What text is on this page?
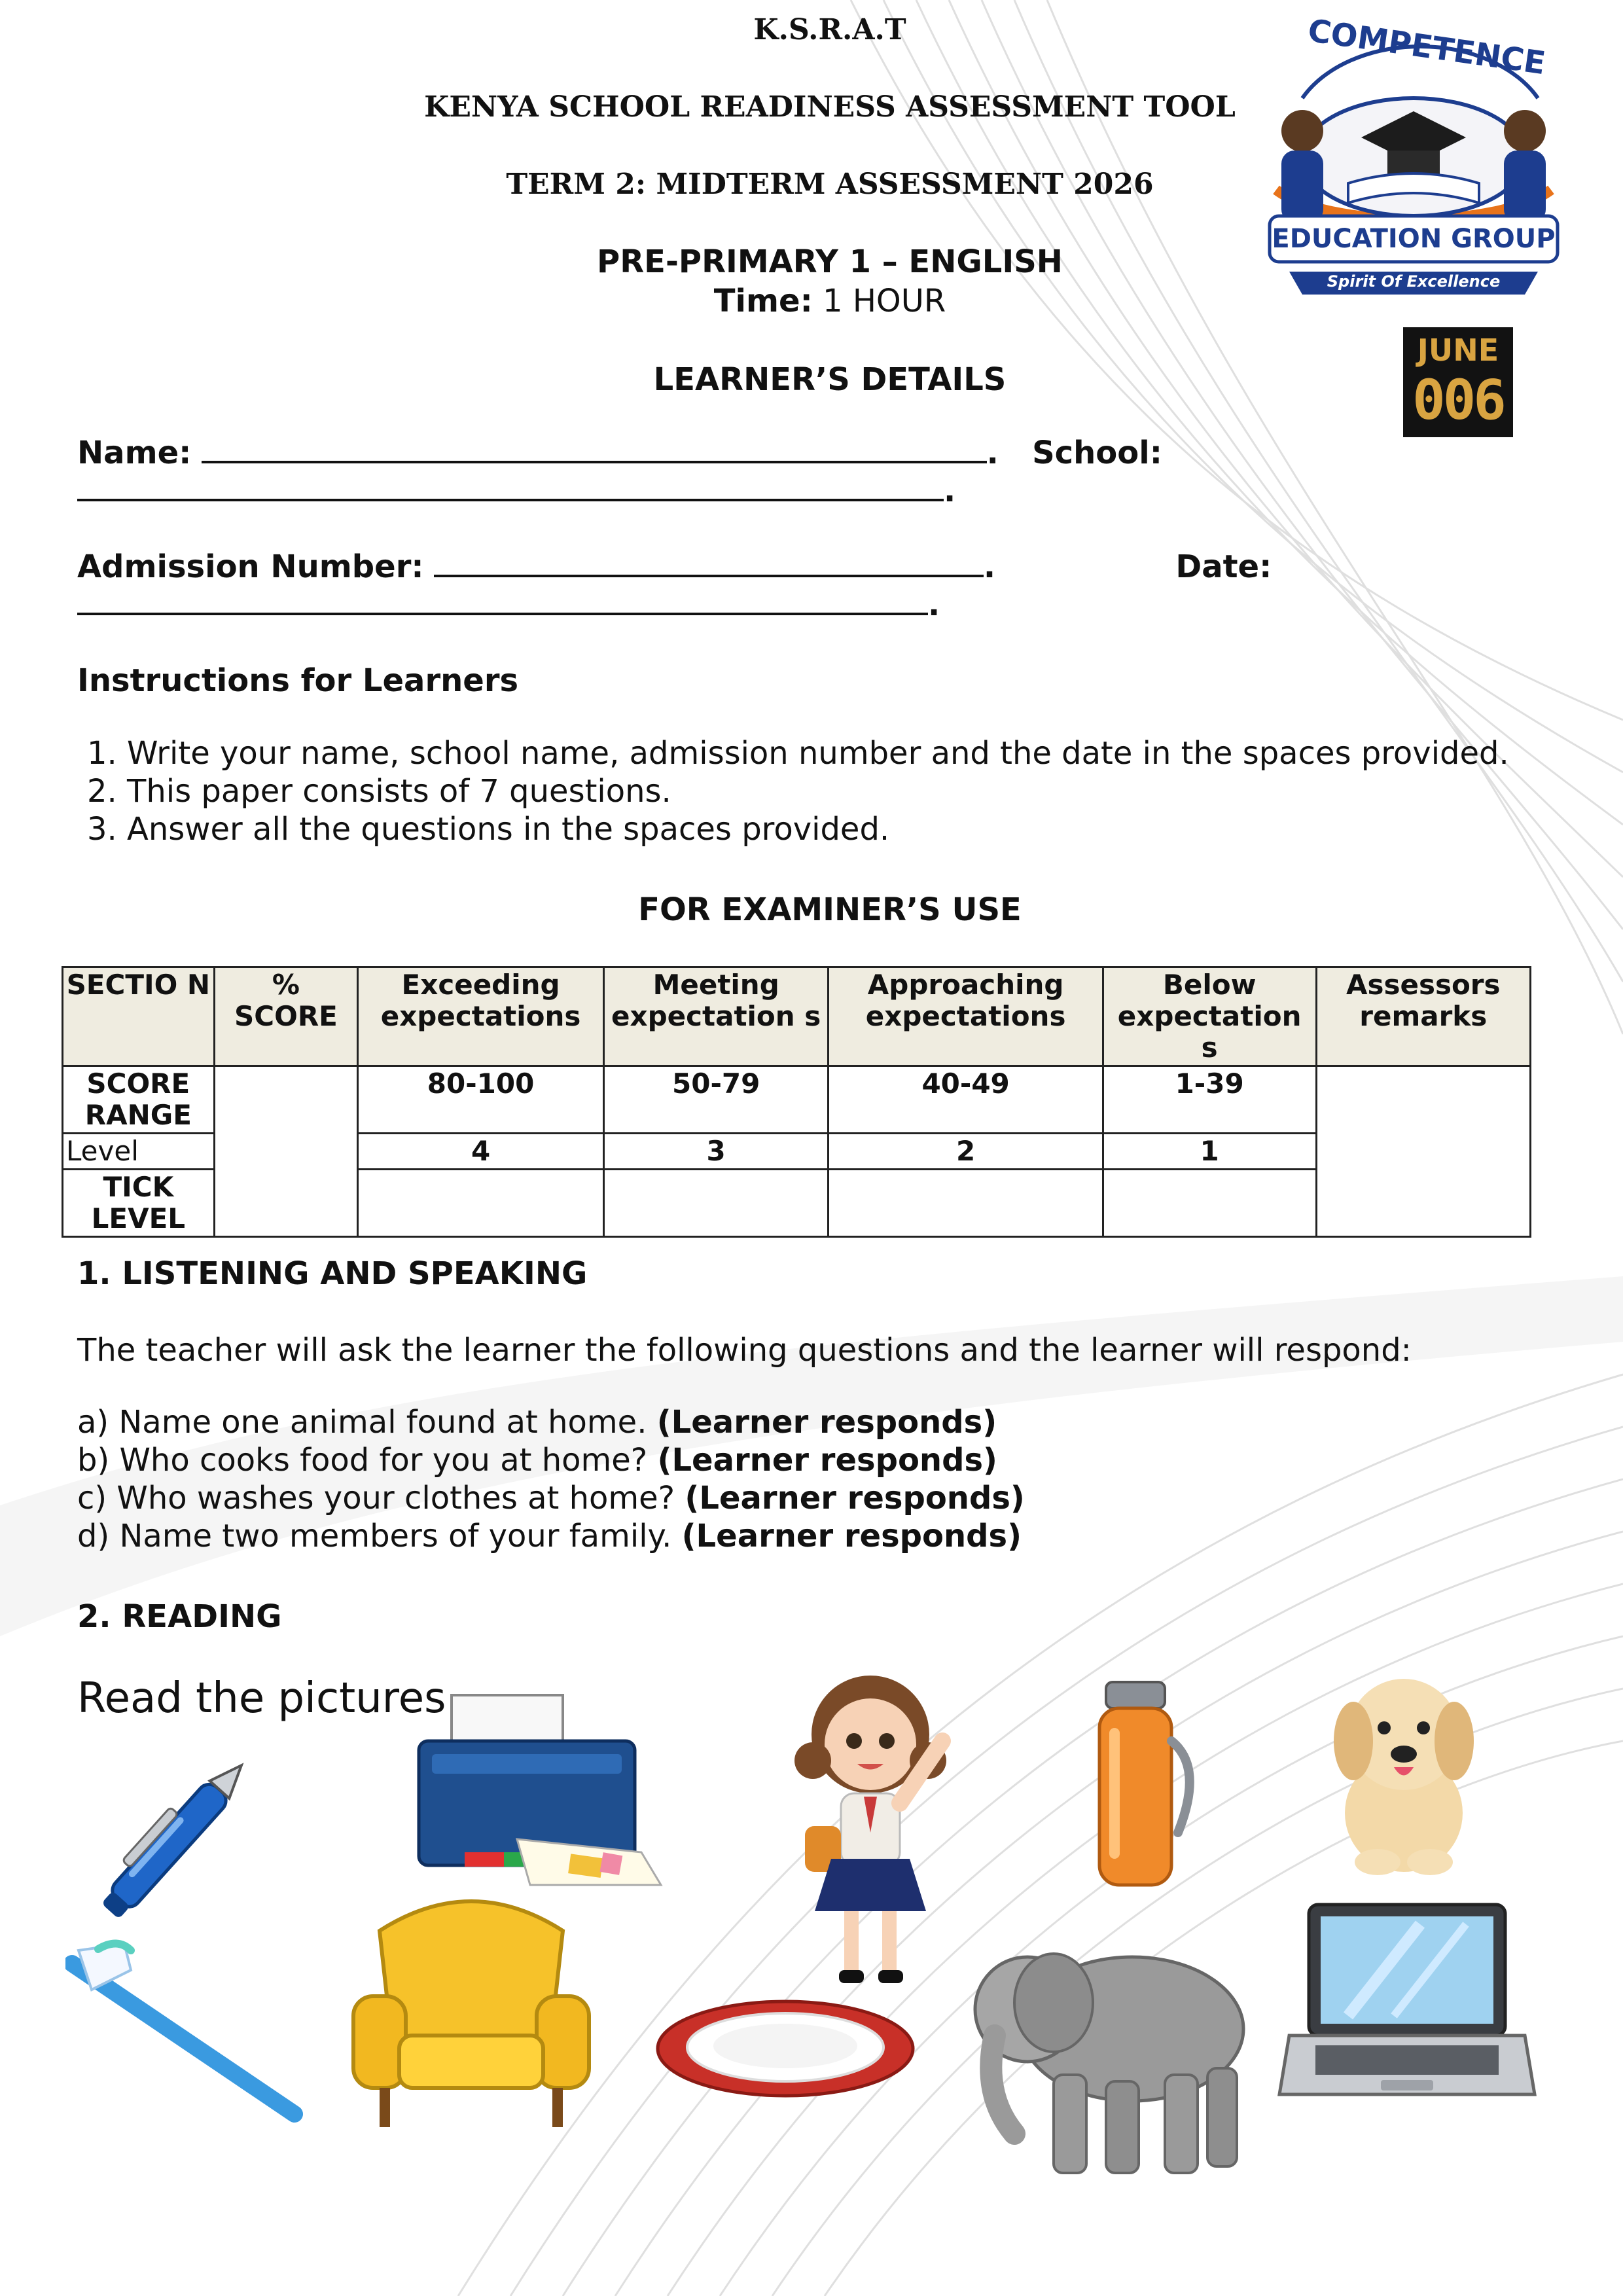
K.S.R.A.T
KENYA SCHOOL READINESS ASSESSMENT TOOL
TERM 2: MIDTERM ASSESSMENT 2026
PRE-PRIMARY 1 – ENGLISH
Time: 1 HOUR
COMPETENCE
EDUCATION GROUP
Spirit Of Excellence
JUNE
006
LEARNER’S DETAILS
Name:	. School:
.
Admission Number:	.	Date:
.
Instructions for Learners
1. Write your name, school name, admission number and the date in the spaces provided.
2. This paper consists of 7 questions.
3. Answer all the questions in the spaces provided.
FOR EXAMINER’S USE
SECTIO N	% SCORE	Exceeding expectations	Meeting expectation s	Approaching expectations	Below expectation s	Assessors remarks
SCORE RANGE		80-100	50-79	40-49	1-39	
Level		4	3	2	1	
TICK LEVEL						
1. LISTENING AND SPEAKING
The teacher will ask the learner the following questions and the learner will respond:
a) Name one animal found at home. (Learner responds)
b) Who cooks food for you at home? (Learner responds)
c) Who washes your clothes at home? (Learner responds)
d) Name two members of your family. (Learner responds)
2. READING
Read the pictures
